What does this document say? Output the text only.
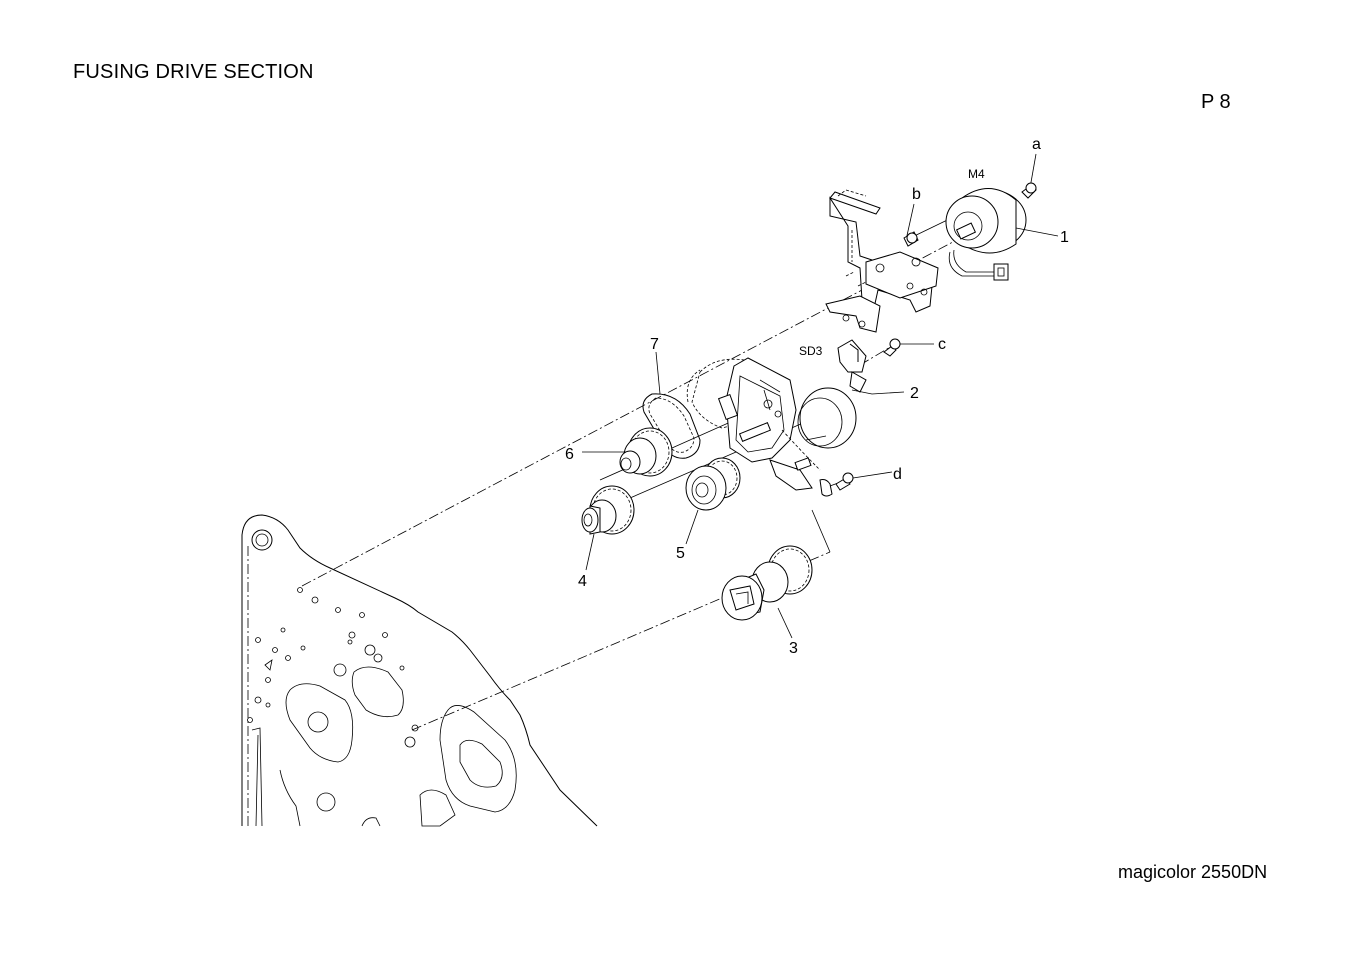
FUSING DRIVE SECTION
P 8
magicolor 2550DN
a
b
M4
1
7	SD3	c
2
6
d
5
4
3
